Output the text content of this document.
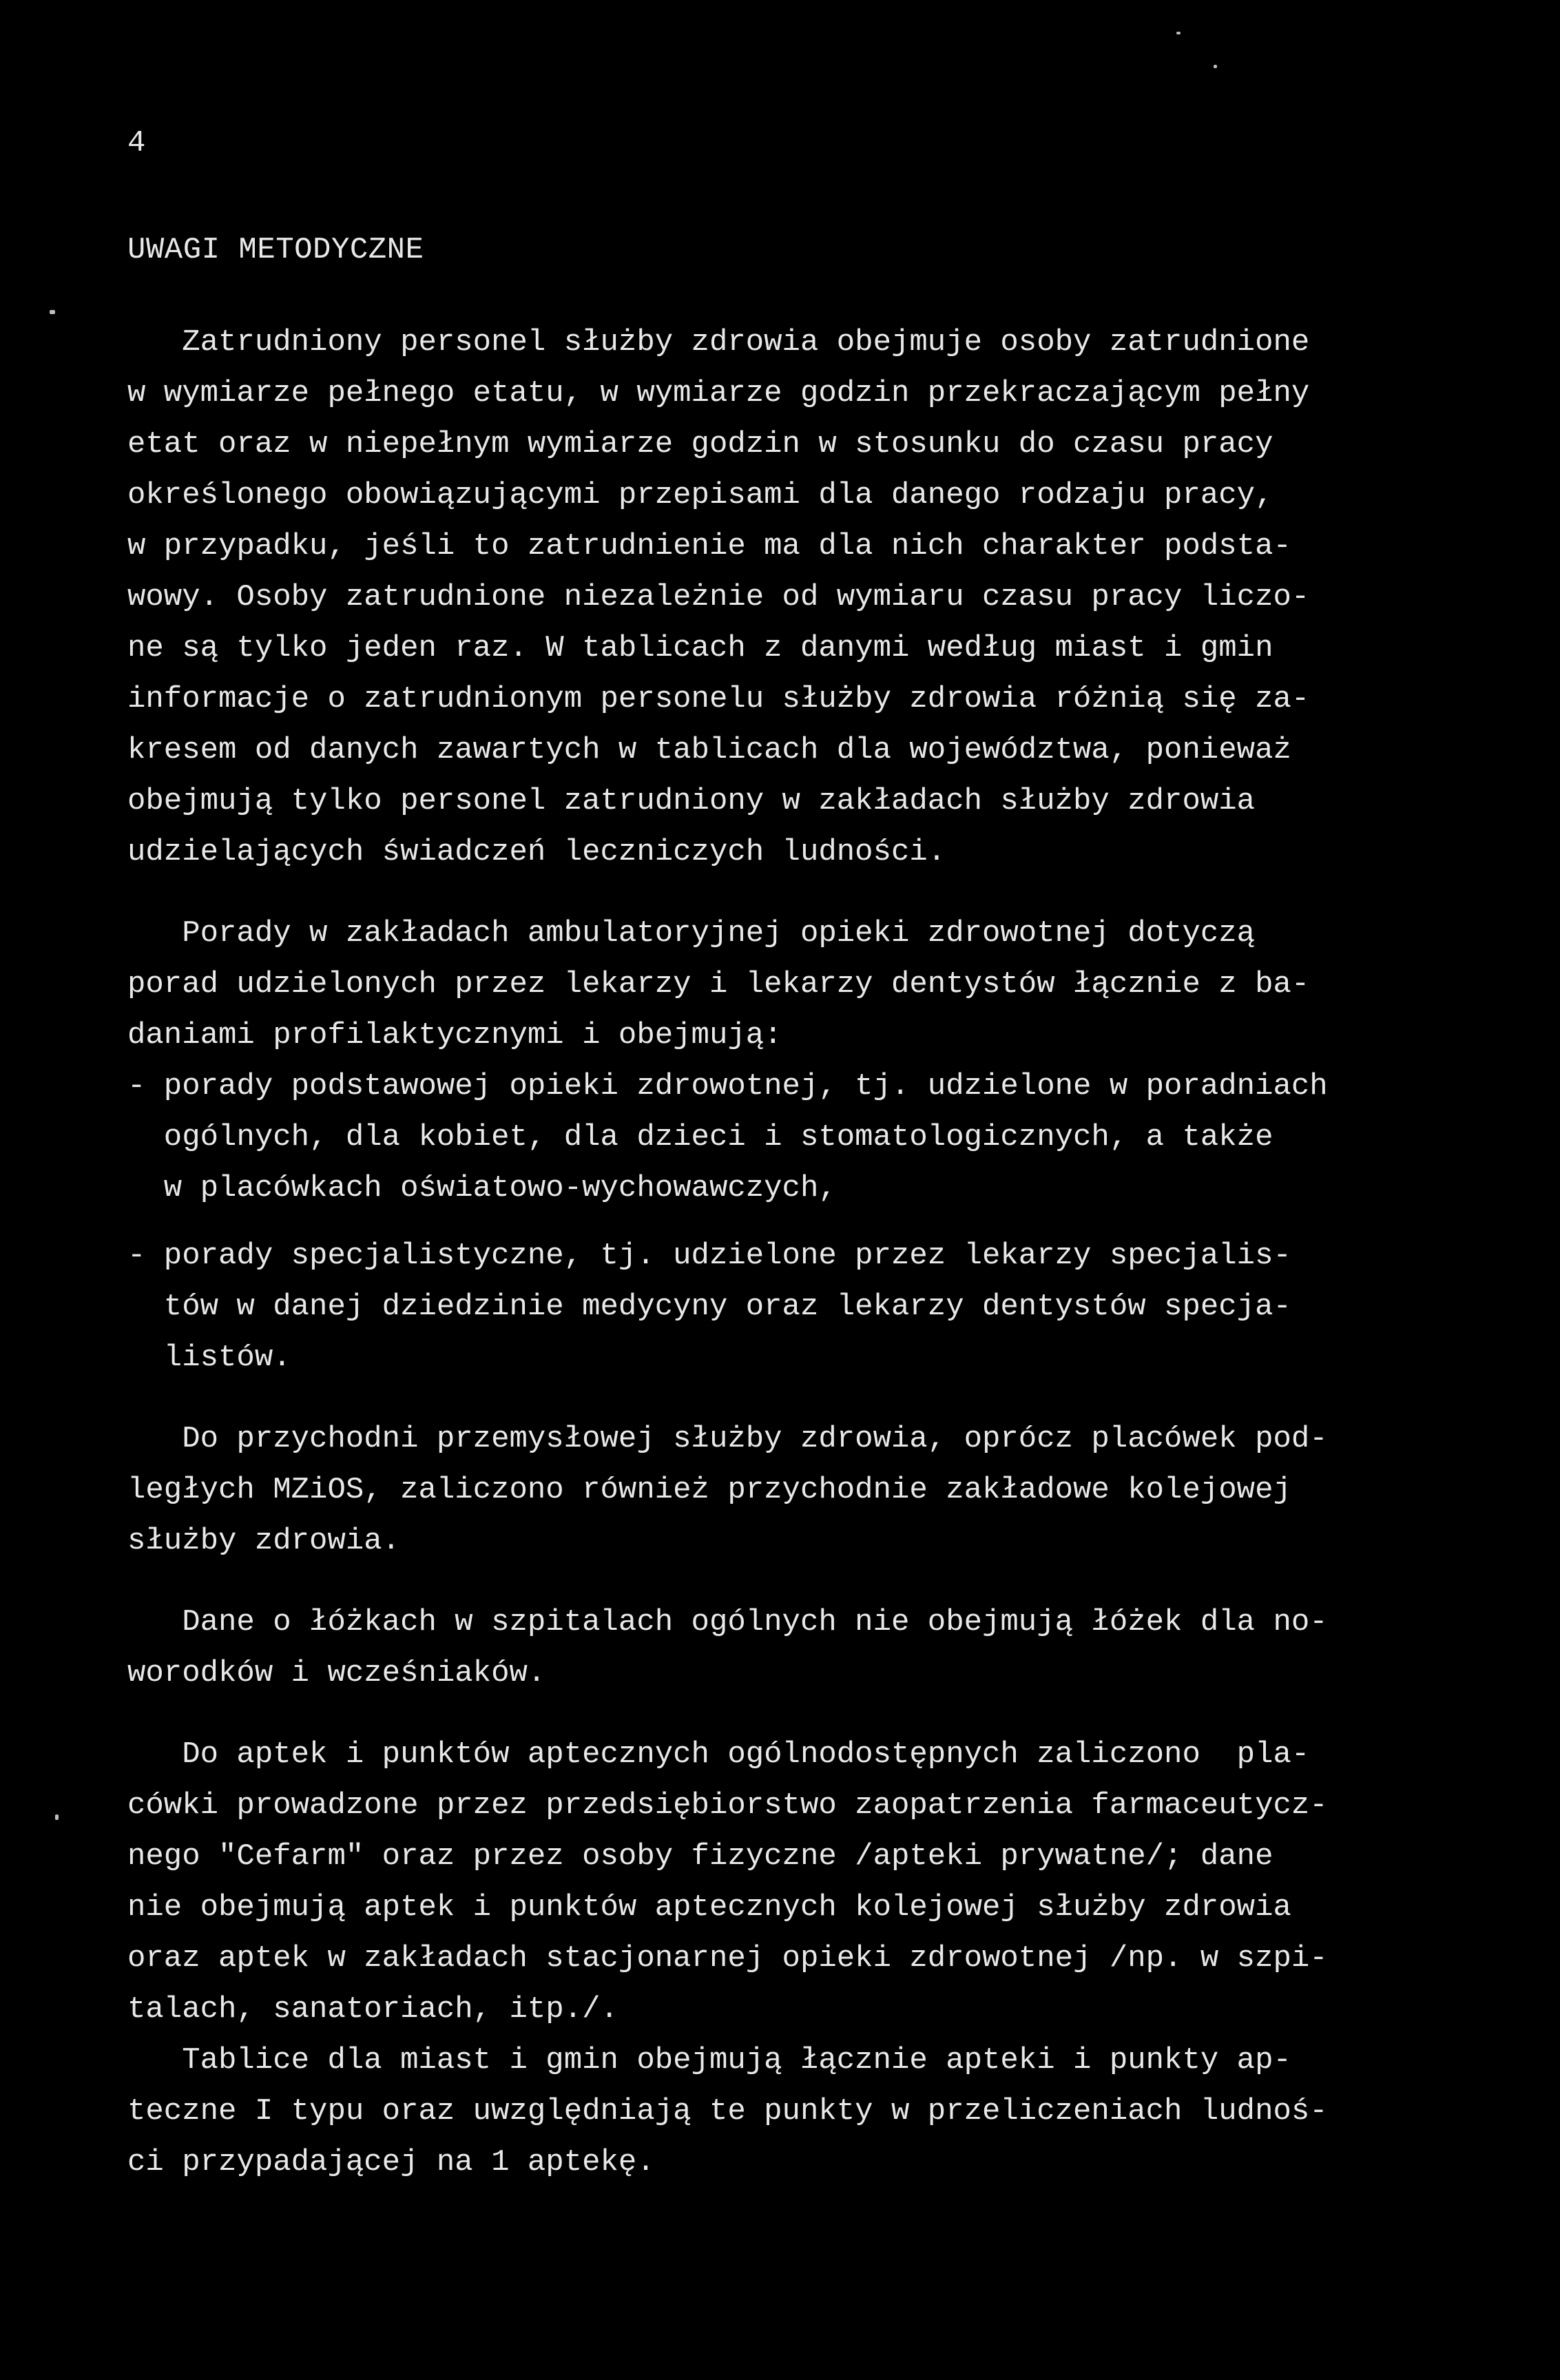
4

UWAGI METODYCZNE
Zatrudniony personel służby zdrowia obejmuje osoby zatrudnione
w wymiarze pełnego etatu, w wymiarze godzin przekraczającym pełny
etat oraz w niepełnym wymiarze godzin w stosunku do czasu pracy
określonego obowiązującymi przepisami dla danego rodzaju pracy,
w przypadku, jeśli to zatrudnienie ma dla nich charakter podsta-
wowy. Osoby zatrudnione niezależnie od wymiaru czasu pracy liczo-
ne są tylko jeden raz. W tablicach z danymi według miast i gmin
informacje o zatrudnionym personelu służby zdrowia różnią się za-
kresem od danych zawartych w tablicach dla województwa, ponieważ
obejmują tylko personel zatrudniony w zakładach służby zdrowia
udzielających świadczeń leczniczych ludności.
Porady w zakładach ambulatoryjnej opieki zdrowotnej dotyczą
porad udzielonych przez lekarzy i lekarzy dentystów łącznie z ba-
daniami profilaktycznymi i obejmują:
- porady podstawowej opieki zdrowotnej, tj. udzielone w poradniach
ogólnych, dla kobiet, dla dzieci i stomatologicznych, a także
w placówkach oświatowo-wychowawczych,
- porady specjalistyczne, tj. udzielone przez lekarzy specjalis-
tów w danej dziedzinie medycyny oraz lekarzy dentystów specja-
listów.
Do przychodni przemysłowej służby zdrowia, oprócz placówek pod-
ległych MZiOS, zaliczono również przychodnie zakładowe kolejowej
służby zdrowia.
Dane o łóżkach w szpitalach ogólnych nie obejmują łóżek dla no-
worodków i wcześniaków.
Do aptek i punktów aptecznych ogólnodostępnych zaliczono  pla-
cówki prowadzone przez przedsiębiorstwo zaopatrzenia farmaceutycz-
nego "Cefarm" oraz przez osoby fizyczne /apteki prywatne/; dane
nie obejmują aptek i punktów aptecznych kolejowej służby zdrowia
oraz aptek w zakładach stacjonarnej opieki zdrowotnej /np. w szpi-
talach, sanatoriach, itp./.
Tablice dla miast i gmin obejmują łącznie apteki i punkty ap-
teczne I typu oraz uwzględniają te punkty w przeliczeniach ludnoś-
ci przypadającej na 1 aptekę.
